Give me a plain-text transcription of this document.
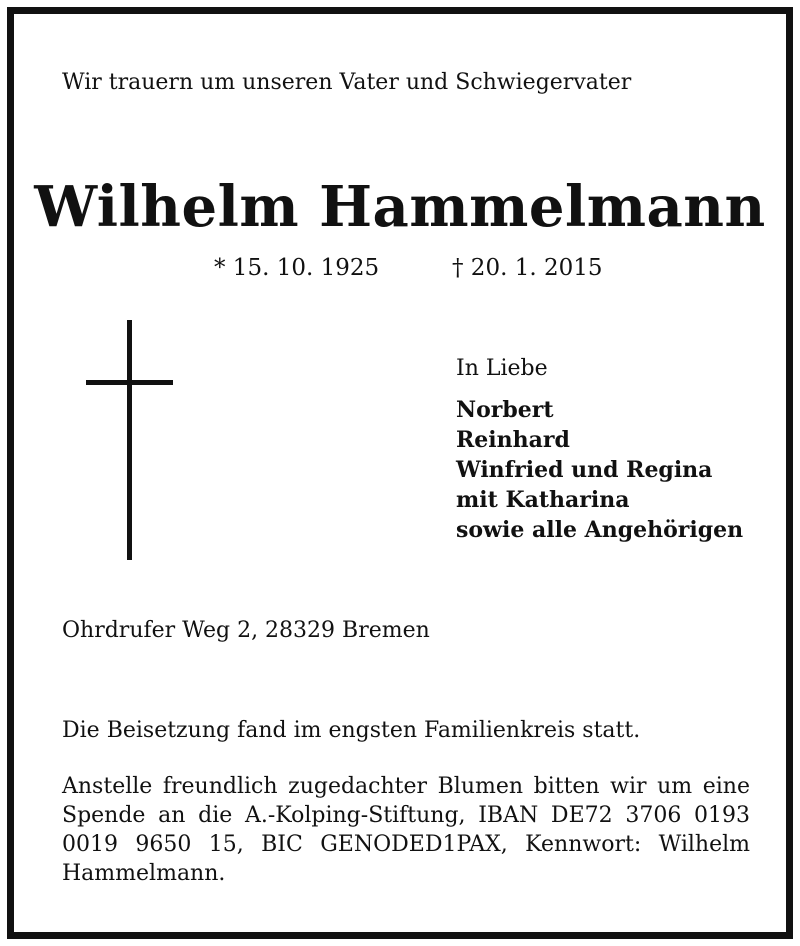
Wir trauern um unseren Vater und Schwiegervater
Wilhelm Hammelmann
* 15. 10. 1925	† 20. 1. 2015
In Liebe
Norbert
Reinhard
Winfried und Regina
mit Katharina
sowie alle Angehörigen
Ohrdrufer Weg 2, 28329 Bremen
Die Beisetzung fand im engsten Familienkreis statt.
Anstelle freundlich zugedachter Blumen bitten wir um eine Spende an die A.-Kolping-Stiftung, IBAN DE72 3706 0193 0019 9650 15, BIC GENODED1PAX, Kennwort: Wilhelm Hammelmann.
